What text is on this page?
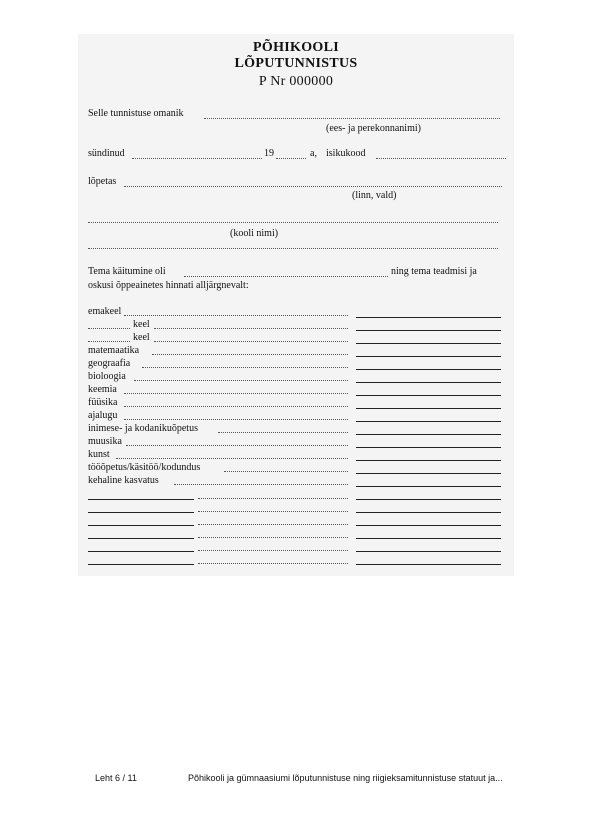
PÕHIKOOLI
LÕPUTUNNISTUS
P Nr 000000
Selle tunnistuse omanik
(ees- ja perekonnanimi)
sündinud	19	a, isikukood
lõpetas
(linn, vald)
(kooli nimi)
Tema käitumine oli	ning tema teadmisi ja
oskusi õppeainetes hinnati alljärgnevalt:
emakeel
keel
keel
matemaatika
geograafia
bioloogia
keemia
füüsika
ajalugu
inimese- ja kodanikuõpetus
muusika
kunst
tööõpetus/käsitöö/kodundus
kehaline kasvatus
Leht 6 / 11	Põhikooli ja gümnaasiumi lõputunnistuse ning riigieksamitunnistuse statuut ja...
